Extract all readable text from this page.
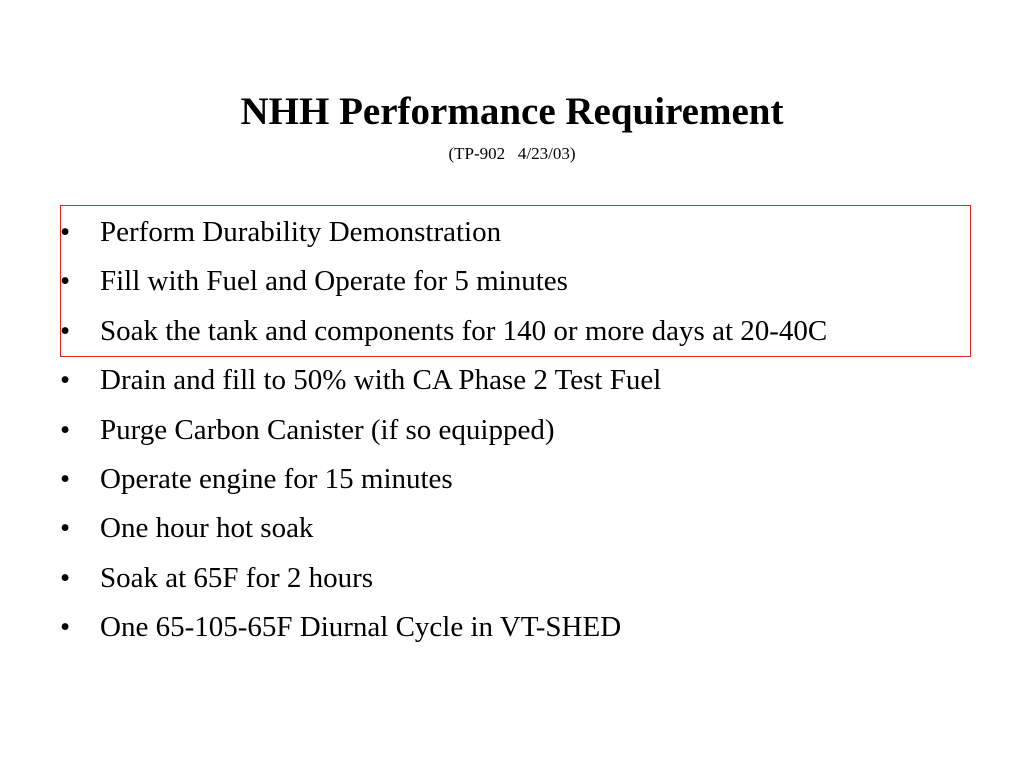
NHH Performance Requirement
(TP-902   4/23/03)
•	Perform Durability Demonstration
•	Fill with Fuel and Operate for 5 minutes
•	Soak the tank and components for 140 or more days at 20-40C
•	Drain and fill to 50% with CA Phase 2 Test Fuel
•	Purge Carbon Canister (if so equipped)
•	Operate engine for 15 minutes
•	One hour hot soak
•	Soak at 65F for 2 hours
•	One 65-105-65F Diurnal Cycle in VT-SHED
